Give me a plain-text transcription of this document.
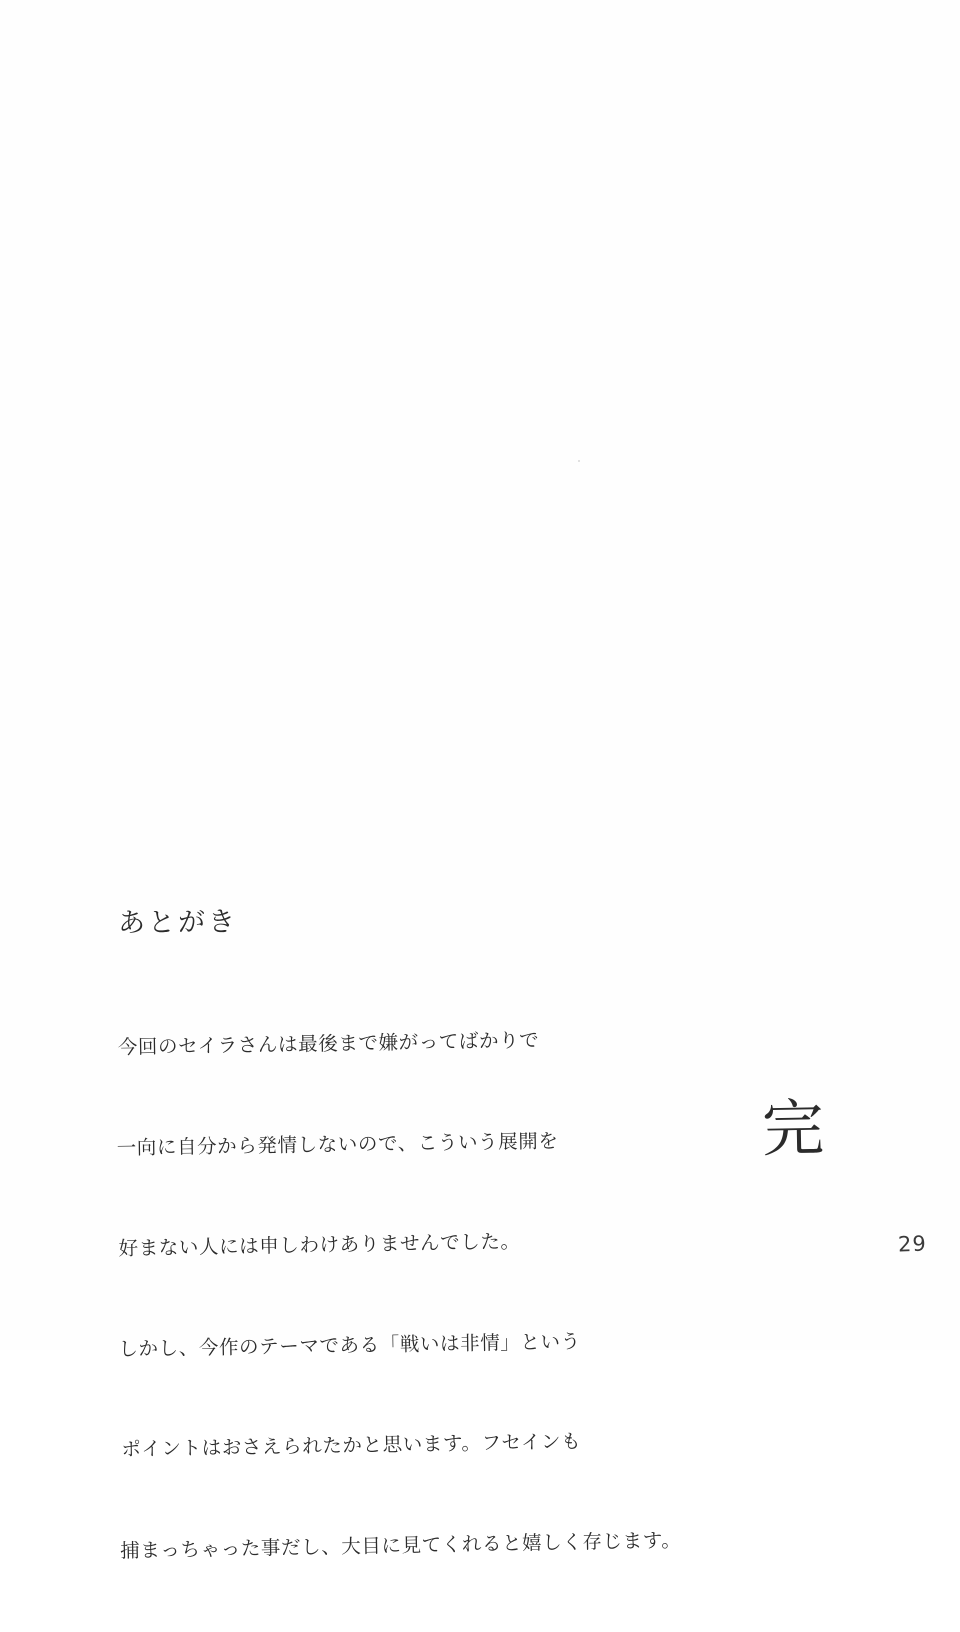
あとがき

今回のセイラさんは最後まで嫌がってばかりで

一向に自分から発情しないので、こういう展開を

好まない人には申しわけありませんでした。

しかし、今作のテーマである「戦いは非情」という

ポイントはおさえられたかと思います。フセインも

捕まっちゃった事だし、大目に見てくれると嬉しく存じます。

完
29
